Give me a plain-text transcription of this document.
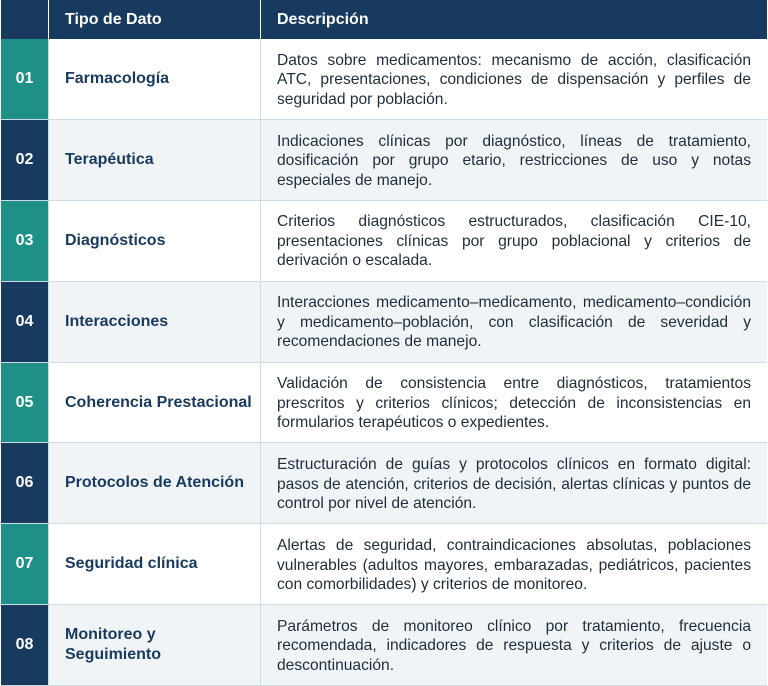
Tipo de Dato	Descripción
01	Farmacología
Datos sobre medicamentos: mecanismo de acción, clasificación ATC, presentaciones, condiciones de dispensación y perfiles de seguridad por población.
02	Terapéutica
Indicaciones clínicas por diagnóstico, líneas de tratamiento, dosificación por grupo etario, restricciones de uso y notas especiales de manejo.
03	Diagnósticos
Criterios diagnósticos estructurados, clasificación CIE-10, presentaciones clínicas por grupo poblacional y criterios de derivación o escalada.
04	Interacciones
Interacciones medicamento–medicamento, medicamento–condición y medicamento–población, con clasificación de severidad y recomendaciones de manejo.
05	Coherencia Prestacional
Validación de consistencia entre diagnósticos, tratamientos prescritos y criterios clínicos; detección de inconsistencias en formularios terapéuticos o expedientes.
06	Protocolos de Atención
Estructuración de guías y protocolos clínicos en formato digital: pasos de atención, criterios de decisión, alertas clínicas y puntos de control por nivel de atención.
07	Seguridad clínica
Alertas de seguridad, contraindicaciones absolutas, poblaciones vulnerables (adultos mayores, embarazadas, pediátricos, pacientes con comorbilidades) y criterios de monitoreo.
08
Monitoreo y Seguimiento
Parámetros de monitoreo clínico por tratamiento, frecuencia recomendada, indicadores de respuesta y criterios de ajuste o descontinuación.
